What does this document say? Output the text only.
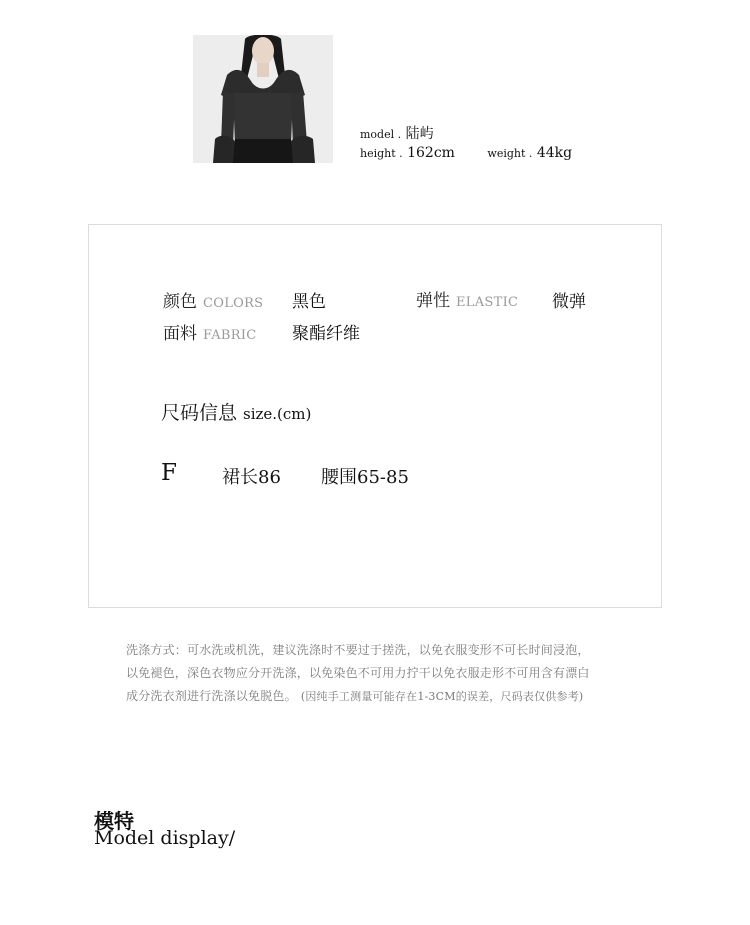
model . 陆屿
height . 162cm	weight . 44kg
颜色 COLORS 黑色	弹性 ELASTIC 微弹
面料 FABRIC 聚酯纤维
尺码信息 size.(cm)
F	裙长86 腰围65-85
洗涤方式：可水洗或机洗，建议洗涤时不要过于搓洗，以免衣服变形不可长时间浸泡，
以免褪色，深色衣物应分开洗涤，以免染色不可用力拧干以免衣服走形不可用含有漂白
成分洗衣剂进行洗涤以免脱色。 (因纯手工测量可能存在1-3CM的误差，尺码表仅供参考)
模特
Model display/
